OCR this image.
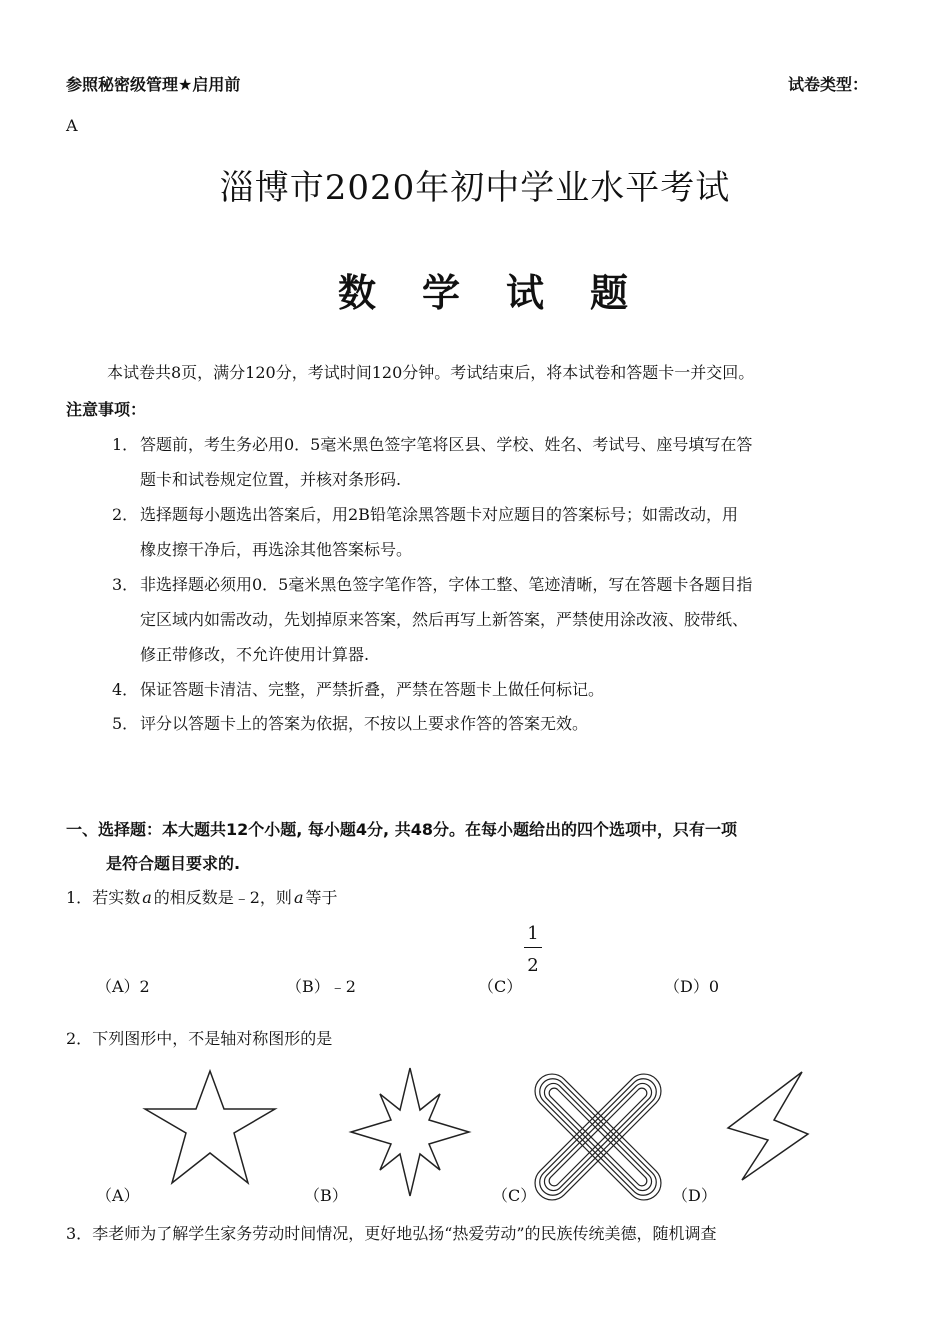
参照秘密级管理★启用前	试卷类型：
A
淄博市2020年初中学业水平考试
数学试题
本试卷共8页，满分120分，考试时间120分钟。考试结束后，将本试卷和答题卡一并交回。
注意事项：
1． 答题前，考生务必用0．5毫米黑色签字笔将区县、学校、姓名、考试号、座号填写在答
题卡和试卷规定位置，并核对条形码.
2． 选择题每小题选出答案后，用2B铅笔涂黑答题卡对应题目的答案标号；如需改动，用
橡皮擦干净后，再选涂其他答案标号。
3． 非选择题必须用0．5毫米黑色签字笔作答，字体工整、笔迹清晰，写在答题卡各题目指
定区域内如需改动，先划掉原来答案，然后再写上新答案，严禁使用涂改液、胶带纸、
修正带修改，不允许使用计算器.
4． 保证答题卡清洁、完整，严禁折叠，严禁在答题卡上做任何标记。
5． 评分以答题卡上的答案为依据，不按以上要求作答的答案无效。
一、选择题：本大题共12个小题, 每小题4分, 共48分。在每小题给出的四个选项中，只有一项
是符合题目要求的.
1．若实数 a 的相反数是﹣2，则 a 等于
（A）2	（B）﹣2	（C）
1
2
（D）0
2．下列图形中，不是轴对称图形的是
（A）	（B）	（C）	（D）
3．李老师为了解学生家务劳动时间情况，更好地弘扬“热爱劳动”的民族传统美德，随机调查
